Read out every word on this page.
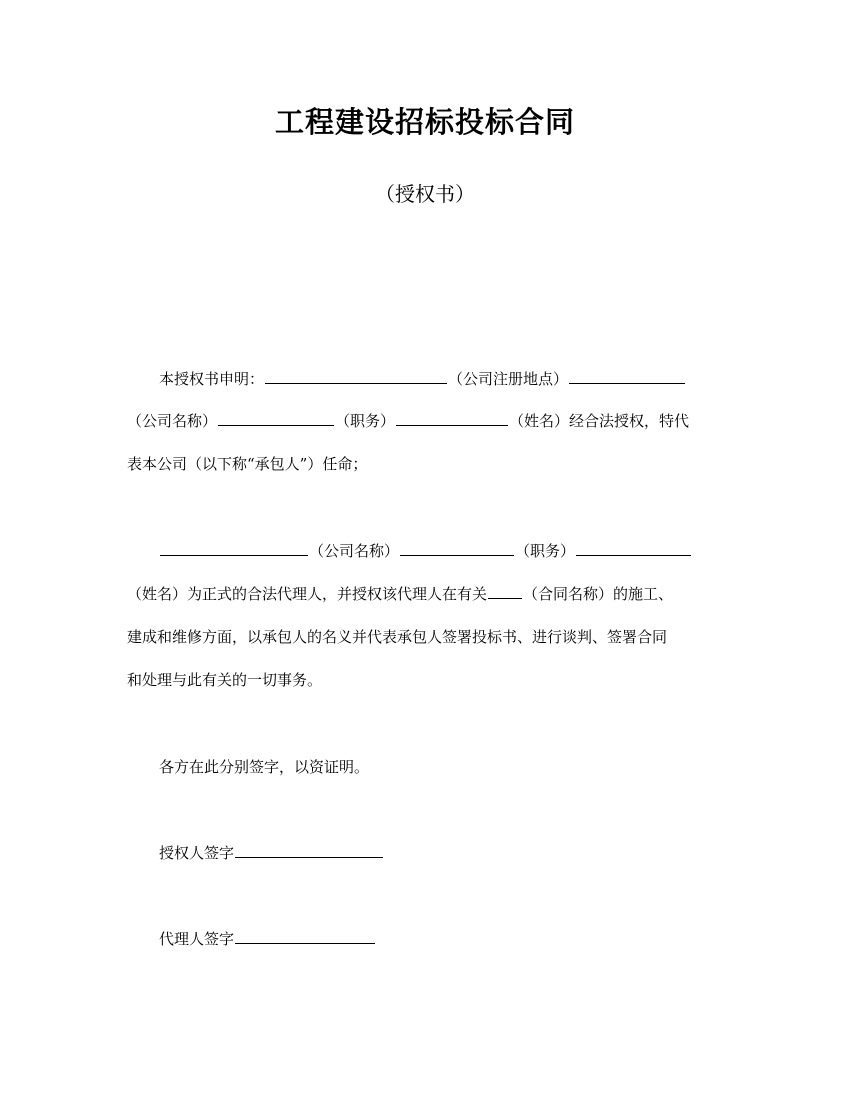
工程建设招标投标合同
（授权书）
本授权书申明：	（公司注册地点）
（公司名称）	（职务）	（姓名）经合法授权，特代
表本公司（以下称“承包人”）任命；
（公司名称）	（职务）
（姓名）为正式的合法代理人，并授权该代理人在有关 （合同名称）的施工、
建成和维修方面，以承包人的名义并代表承包人签署投标书、进行谈判、签署合同
和处理与此有关的一切事务。
各方在此分别签字，以资证明。
授权人签字
代理人签字
